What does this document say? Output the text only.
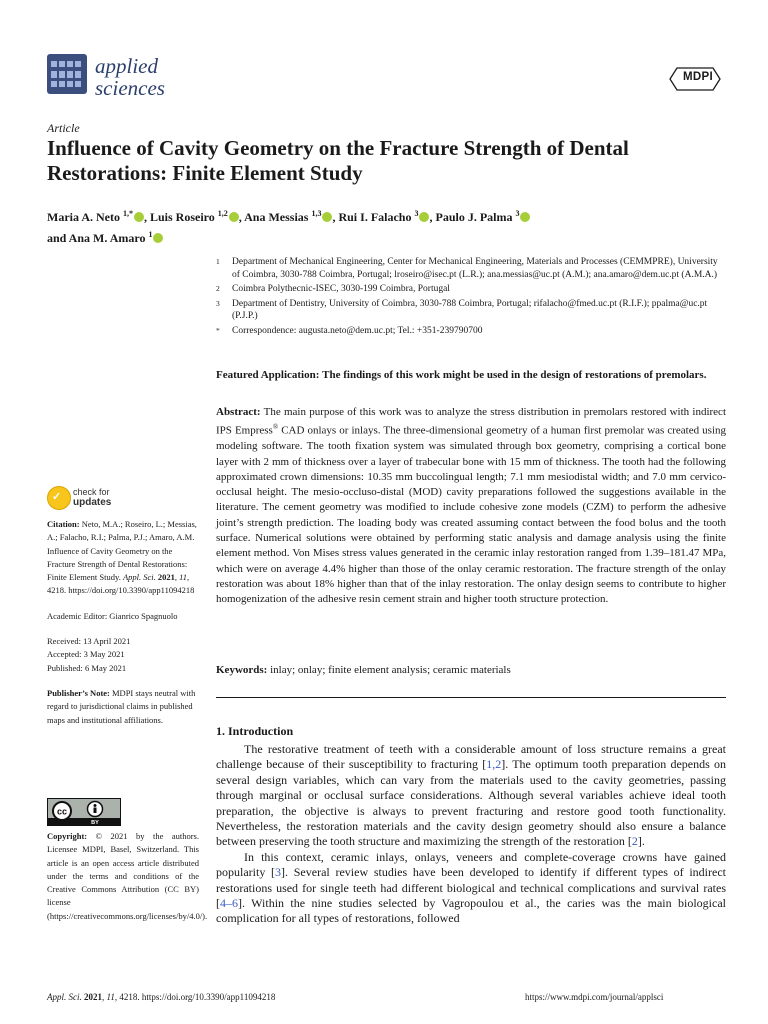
applied
sciences	MDPI
Article
Influence of Cavity Geometry on the Fracture Strength of Dental Restorations: Finite Element Study
Maria A. Neto $^{1,*}$ , Luis Roseiro $^{1,2}$ , Ana Messias $^{1,3}$ , Rui I. Falacho $^3$ , Paulo J. Palma $^3$
and Ana M. Amaro $^1$
1	Department of Mechanical Engineering, Center for Mechanical Engineering, Materials and Processes (CEMMPRE), University of Coimbra, 3030-788 Coimbra, Portugal; lroseiro@isec.pt (L.R.); ana.messias@uc.pt (A.M.); ana.amaro@dem.uc.pt (A.M.A.)
2	Coimbra Polythecnic-ISEC, 3030-199 Coimbra, Portugal
3	Department of Dentistry, University of Coimbra, 3030-788 Coimbra, Portugal; rifalacho@fmed.uc.pt (R.I.F.); ppalma@uc.pt (P.J.P.)
*	Correspondence: augusta.neto@dem.uc.pt; Tel.: +351-239790700
Featured Application: The findings of this work might be used in the design of restorations of premolars.
Abstract: The main purpose of this work was to analyze the stress distribution in premolars restored with indirect IPS Empress® CAD onlays or inlays. The three-dimensional geometry of a human first premolar was created using modeling software. The tooth fixation system was simulated through box geometry, comprising a cortical bone layer with 2 mm of thickness over a layer of trabecular bone with 15 mm of thickness. The tooth had the following approximated crown dimensions: 10.35 mm buccolingual length; 7.1 mm mesiodistal width; and 7.0 mm cervico-occlusal height. The mesio-occluso-distal (MOD) cavity preparations followed the suggestions available in the literature. The cement geometry was modified to include cohesive zone models (CZM) to perform the adhesive joint’s strength prediction. The loading body was created assuming contact between the food bolus and the tooth surface. Numerical solutions were obtained by performing static analysis and damage analysis using the finite element method. Von Mises stress values generated in the ceramic inlay restoration ranged from 1.39–181.47 MPa, which were on average 4.4% higher than those of the onlay ceramic restoration. The fracture strength of the onlay restoration was about 18% higher than that of the inlay restoration. The onlay design seems to contribute to higher homogenization of the adhesive resin cement strain and higher tooth structure protection.
Keywords: inlay; onlay; finite element analysis; ceramic materials
1. Introduction

The restorative treatment of teeth with a considerable amount of loss structure remains a great challenge because of their susceptibility to fracturing [1,2]. The optimum tooth preparation depends on several design variables, which can vary from the materials used to the cavity geometries, passing through marginal or occlusal surface considerations. Although several variables achieve ideal tooth preparation, the objective is always to prevent fracturing and restore good tooth functionality. Nevertheless, the restoration materials and the cavity design geometry should also ensure a balance between preserving the tooth structure and maximizing the strength of the restoration [2].

In this context, ceramic inlays, onlays, veneers and complete-coverage crowns have gained popularity [3]. Several review studies have been developed to identify if different types of indirect restorations used for single teeth had different biological and technical complications and survival rates [4–6]. Within the nine studies selected by Vagropoulou et al., the caries was the main biological complication for all types of restorations, followed

✓ check for
updates
Citation: Neto, M.A.; Roseiro, L.; Messias, A.; Falacho, R.I.; Palma, P.J.; Amaro, A.M. Influence of Cavity Geometry on the Fracture Strength of Dental Restorations: Finite Element Study. Appl. Sci. 2021, 11, 4218. https://doi.org/10.3390/app11094218
Academic Editor: Gianrico Spagnuolo
Received: 13 April 2021
Accepted: 3 May 2021
Published: 6 May 2021
Publisher’s Note: MDPI stays neutral with regard to jurisdictional claims in published maps and institutional affiliations.
cc
BY
Copyright: © 2021 by the authors. Licensee MDPI, Basel, Switzerland. This article is an open access article distributed under the terms and conditions of the Creative Commons Attribution (CC BY) license (https://creativecommons.org/licenses/by/4.0/).
Appl. Sci. 2021, 11, 4218. https://doi.org/10.3390/app11094218	https://www.mdpi.com/journal/applsci
